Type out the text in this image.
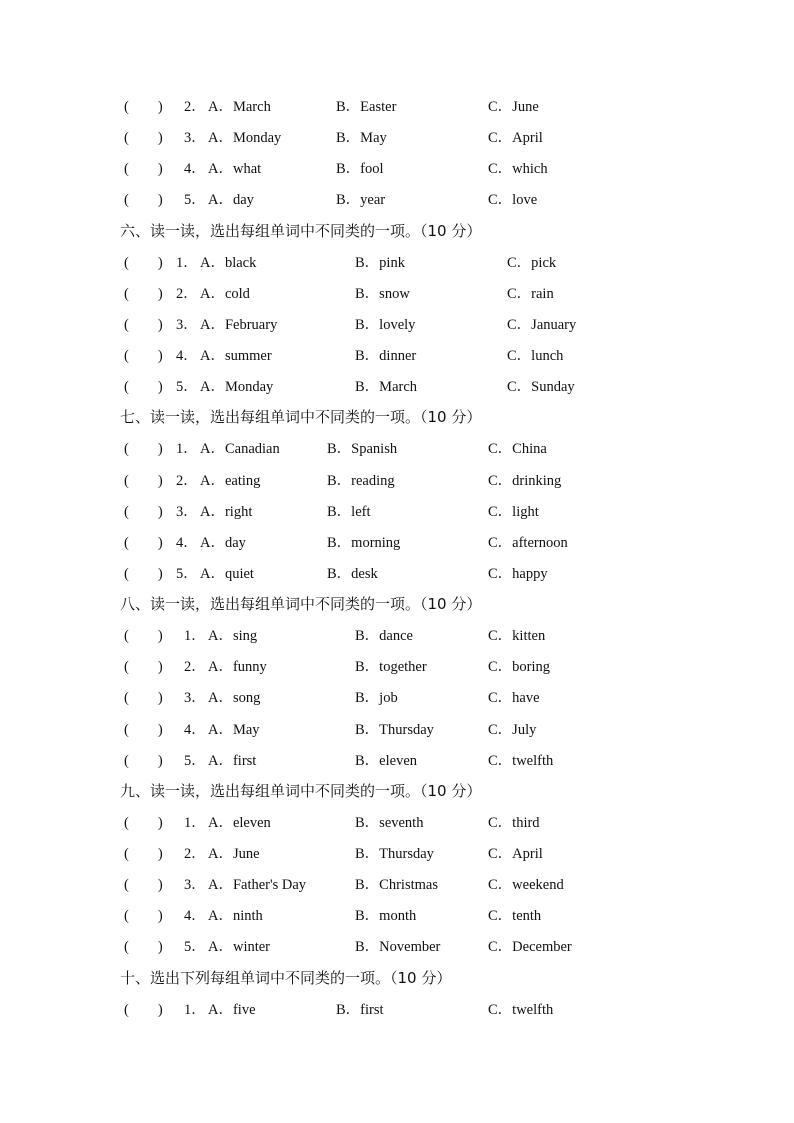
(　　) 2． A．March	B．Easter	C．June
(　　) 3． A．Monday	B．May	C．April
(　　) 4． A．what	B．fool	C．which
(　　) 5． A．day	B．year	C．love
六、读一读，选出每组单词中不同类的一项。（10 分）
(　　) 1． A．black	B．pink	C．pick
(　　) 2． A．cold	B．snow	C．rain
(　　) 3． A．February	B．lovely	C．January
(　　) 4． A．summer	B．dinner	C．lunch
(　　) 5． A．Monday	B．March	C．Sunday
七、读一读，选出每组单词中不同类的一项。（10 分）
(　　) 1． A．Canadian	B．Spanish	C．China
(　　) 2． A．eating	B．reading	C．drinking
(　　) 3． A．right	B．left	C．light
(　　) 4． A．day	B．morning	C．afternoon
(　　) 5． A．quiet	B．desk	C．happy
八、读一读，选出每组单词中不同类的一项。（10 分）
(　　) 1． A．sing	B．dance	C．kitten
(　　) 2． A．funny	B．together	C．boring
(　　) 3． A．song	B．job	C．have
(　　) 4． A．May	B．Thursday	C．July
(　　) 5． A．first	B．eleven	C．twelfth
九、读一读，选出每组单词中不同类的一项。（10 分）
(　　) 1． A．eleven	B．seventh	C．third
(　　) 2． A．June	B．Thursday	C．April
(　　) 3． A．Father's Day	B．Christmas	C．weekend
(　　) 4． A．ninth	B．month	C．tenth
(　　) 5． A．winter	B．November	C．December
十、选出下列每组单词中不同类的一项。（10 分）
(　　) 1． A．five	B．first	C．twelfth
